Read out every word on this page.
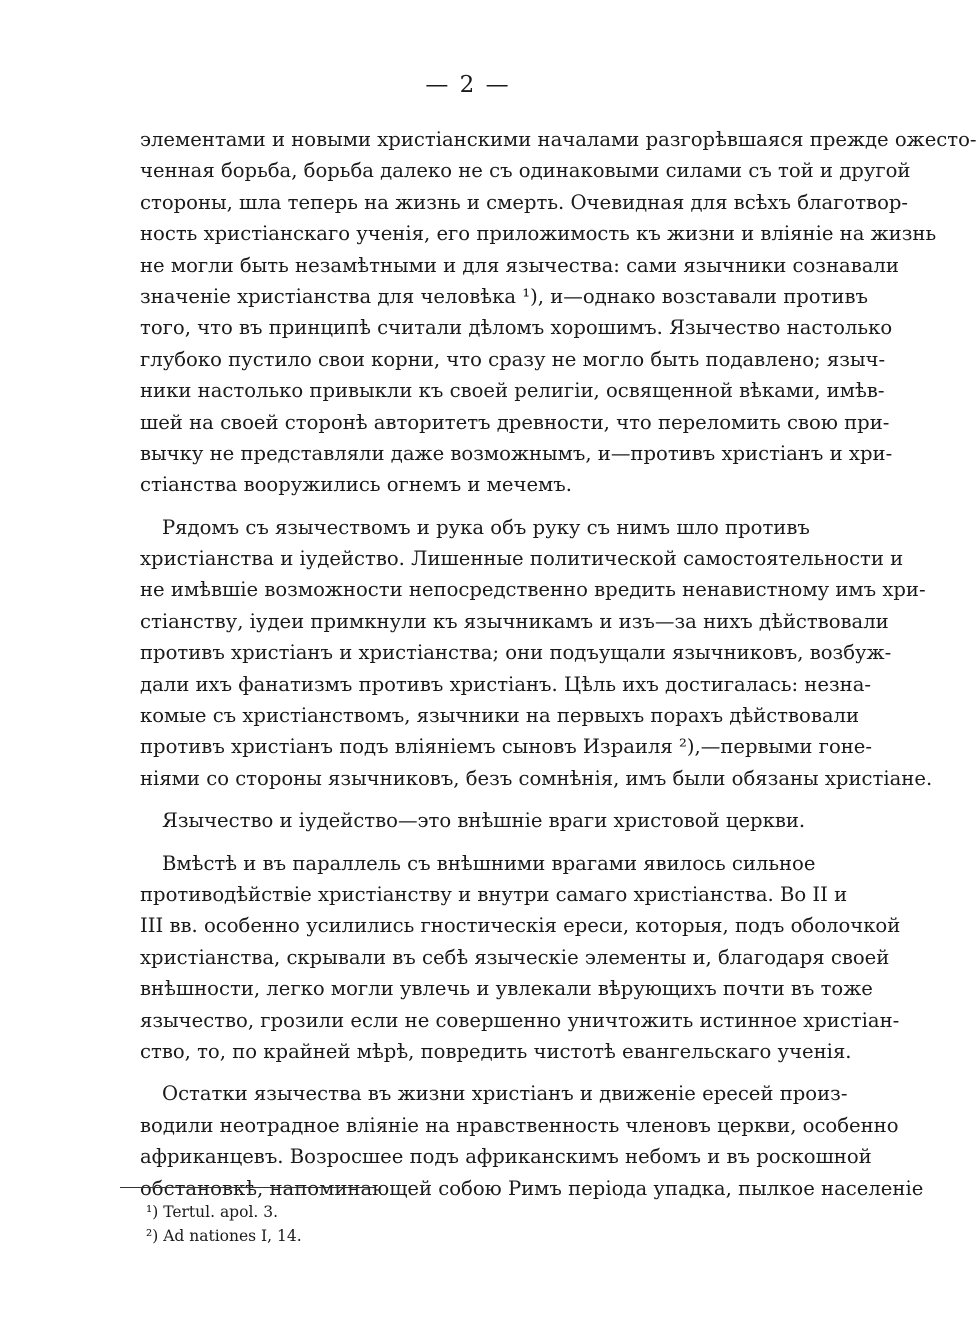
— 2 —
элементами и новыми христіанскими началами разгорѣвшаяся прежде ожесто-
ченная борьба, борьба далеко не съ одинаковыми силами съ той и другой
стороны, шла теперь на жизнь и смерть. Очевидная для всѣхъ благотвор-
ность христіанскаго ученія, его приложимость къ жизни и вліяніе на жизнь
не могли быть незамѣтными и для язычества: сами язычники сознавали
значеніе христіанства для человѣка ¹), и—однако возставали противъ
того, что въ принципѣ считали дѣломъ хорошимъ. Язычество настолько
глубоко пустило свои корни, что сразу не могло быть подавлено; языч-
ники настолько привыкли къ своей религіи, освященной вѣками, имѣв-
шей на своей сторонѣ авторитетъ древности, что переломить свою при-
вычку не представляли даже возможнымъ, и—противъ христіанъ и хри-
стіанства вооружились огнемъ и мечемъ.
Рядомъ съ язычествомъ и рука объ руку съ нимъ шло противъ
христіанства и іудейство. Лишенные политической самостоятельности и
не имѣвшіе возможности непосредственно вредить ненавистному имъ хри-
стіанству, іудеи примкнули къ язычникамъ и изъ—за нихъ дѣйствовали
противъ христіанъ и христіанства; они подъущали язычниковъ, возбуж-
дали ихъ фанатизмъ противъ христіанъ. Цѣль ихъ достигалась: незна-
комые съ христіанствомъ, язычники на первыхъ порахъ дѣйствовали
противъ христіанъ подъ вліяніемъ сыновъ Израиля ²),—первыми гоне-
ніями со стороны язычниковъ, безъ сомнѣнія, имъ были обязаны христіане.
Язычество и іудейство—это внѣшніе враги христовой церкви.
Вмѣстѣ и въ параллель съ внѣшними врагами явилось сильное
противодѣйствіе христіанству и внутри самаго христіанства. Во II и
III вв. особенно усилились гностическія ереси, которыя, подъ оболочкой
христіанства, скрывали въ себѣ языческіе элементы и, благодаря своей
внѣшности, легко могли увлечь и увлекали вѣрующихъ почти въ тоже
язычество, грозили если не совершенно уничтожить истинное христіан-
ство, то, по крайней мѣрѣ, повредить чистотѣ евангельскаго ученія.
Остатки язычества въ жизни христіанъ и движеніе ересей произ-
водили неотрадное вліяніе на нравственность членовъ церкви, особенно
африканцевъ. Возросшее подъ африканскимъ небомъ и въ роскошной
обстановкѣ, напоминающей собою Римъ періода упадка, пылкое населеніе
¹) Tertul. apol. 3.
²) Ad nationes I, 14.
